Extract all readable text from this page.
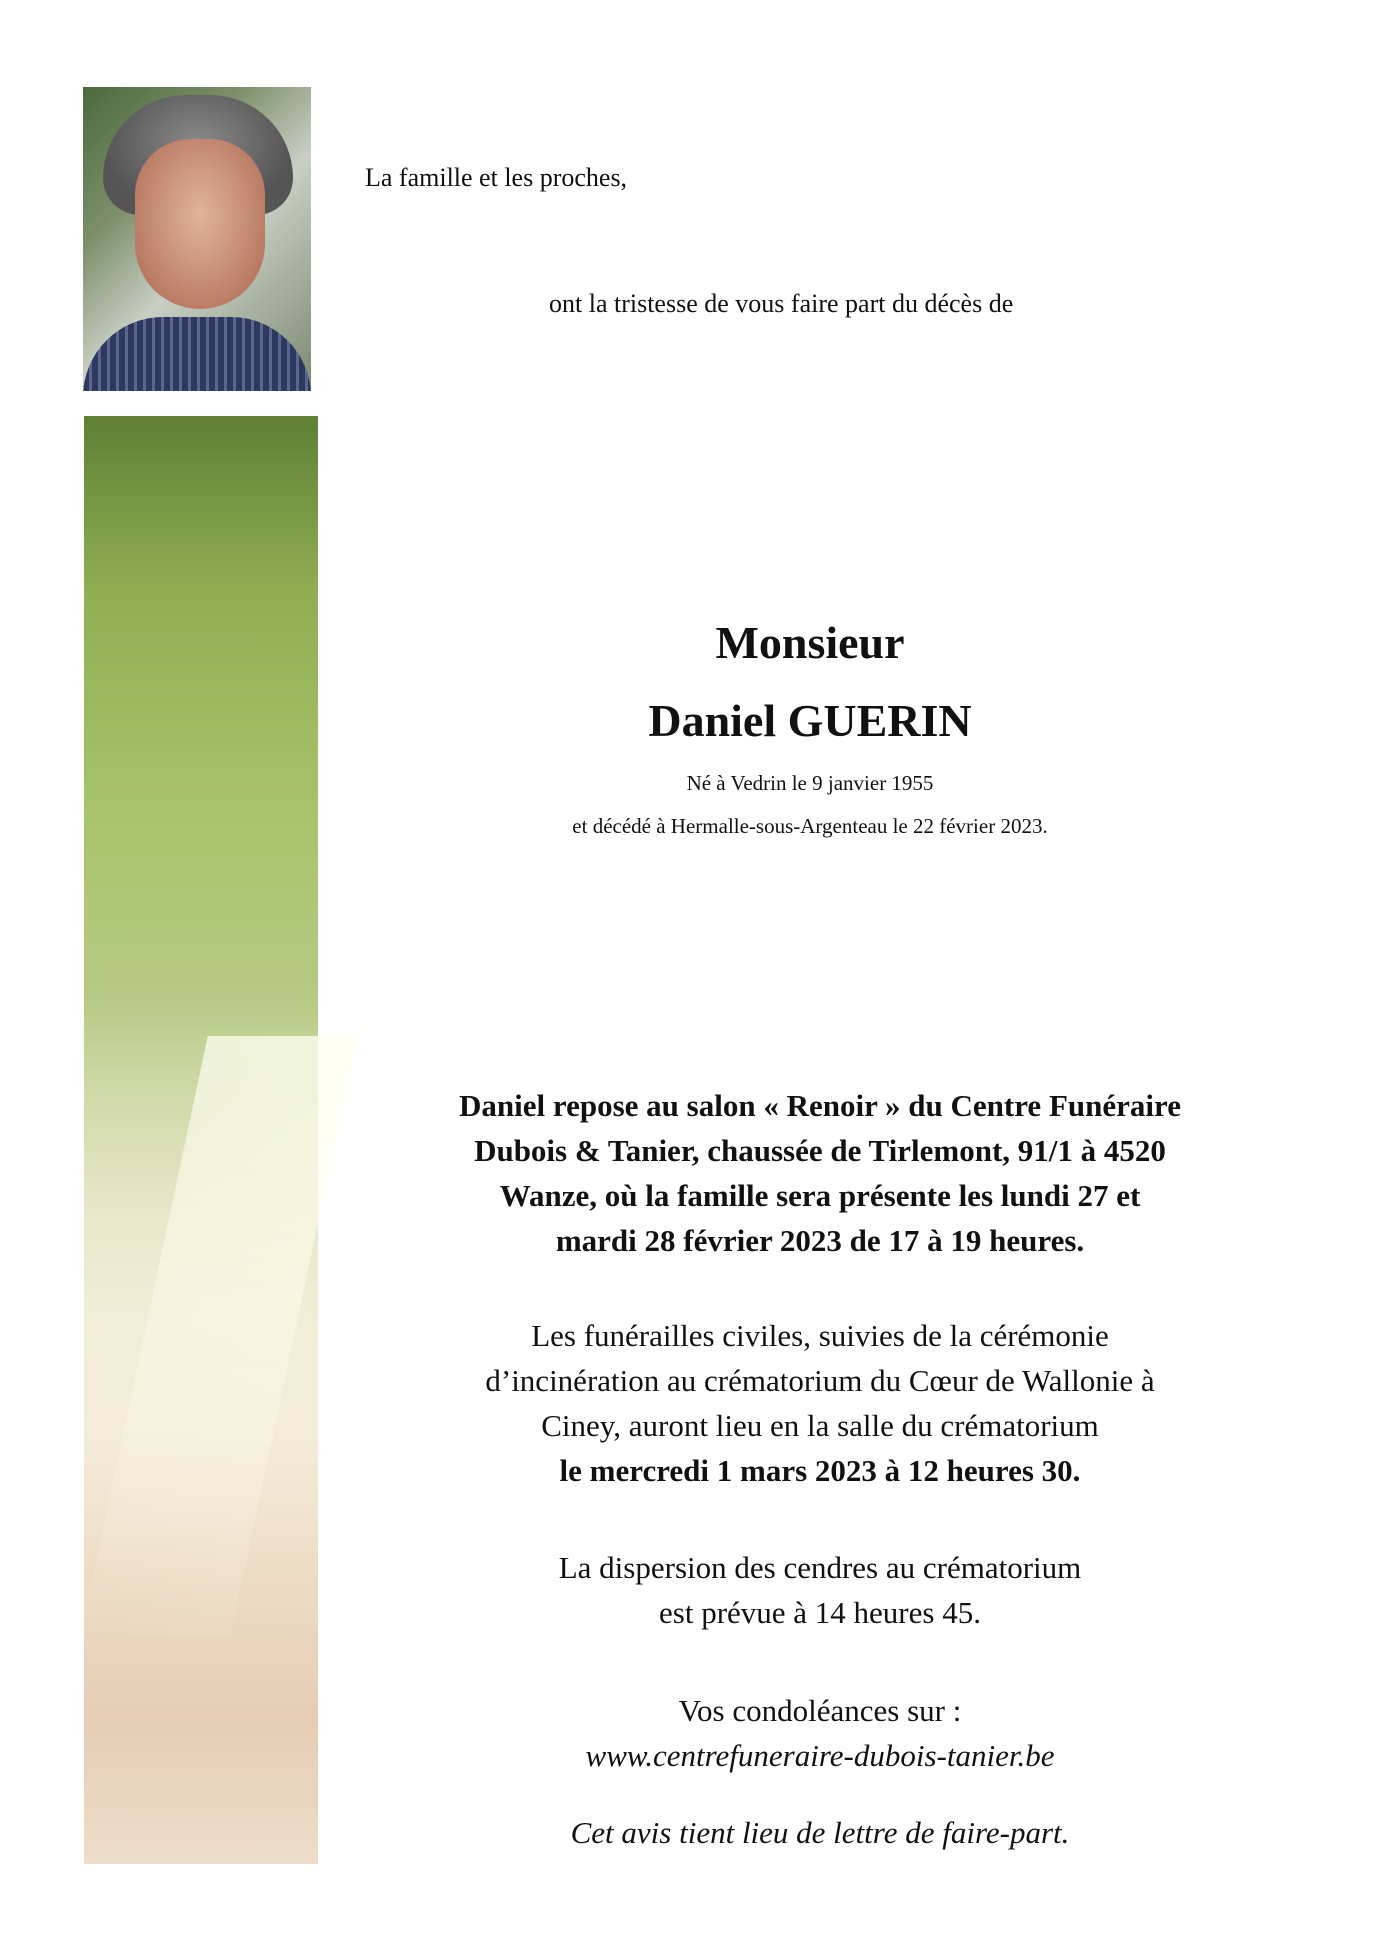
La famille et les proches,

ont la tristesse de vous faire part du décès de

Monsieur

Daniel GUERIN

Né à Vedrin le 9 janvier 1955

et décédé à Hermalle-sous-Argenteau le 22 février 2023.

Daniel repose au salon « Renoir » du Centre Funéraire
Dubois & Tanier, chaussée de Tirlemont, 91/1 à 4520
Wanze, où la famille sera présente les lundi 27 et
mardi 28 février 2023 de 17 à 19 heures.

Les funérailles civiles, suivies de la cérémonie
d’incinération au crématorium du Cœur de Wallonie à
Ciney, auront lieu en la salle du crématorium
le mercredi 1 mars 2023 à 12 heures 30.

La dispersion des cendres au crématorium
est prévue à 14 heures 45.

Vos condoléances sur :
www.centrefuneraire-dubois-tanier.be

Cet avis tient lieu de lettre de faire-part.
